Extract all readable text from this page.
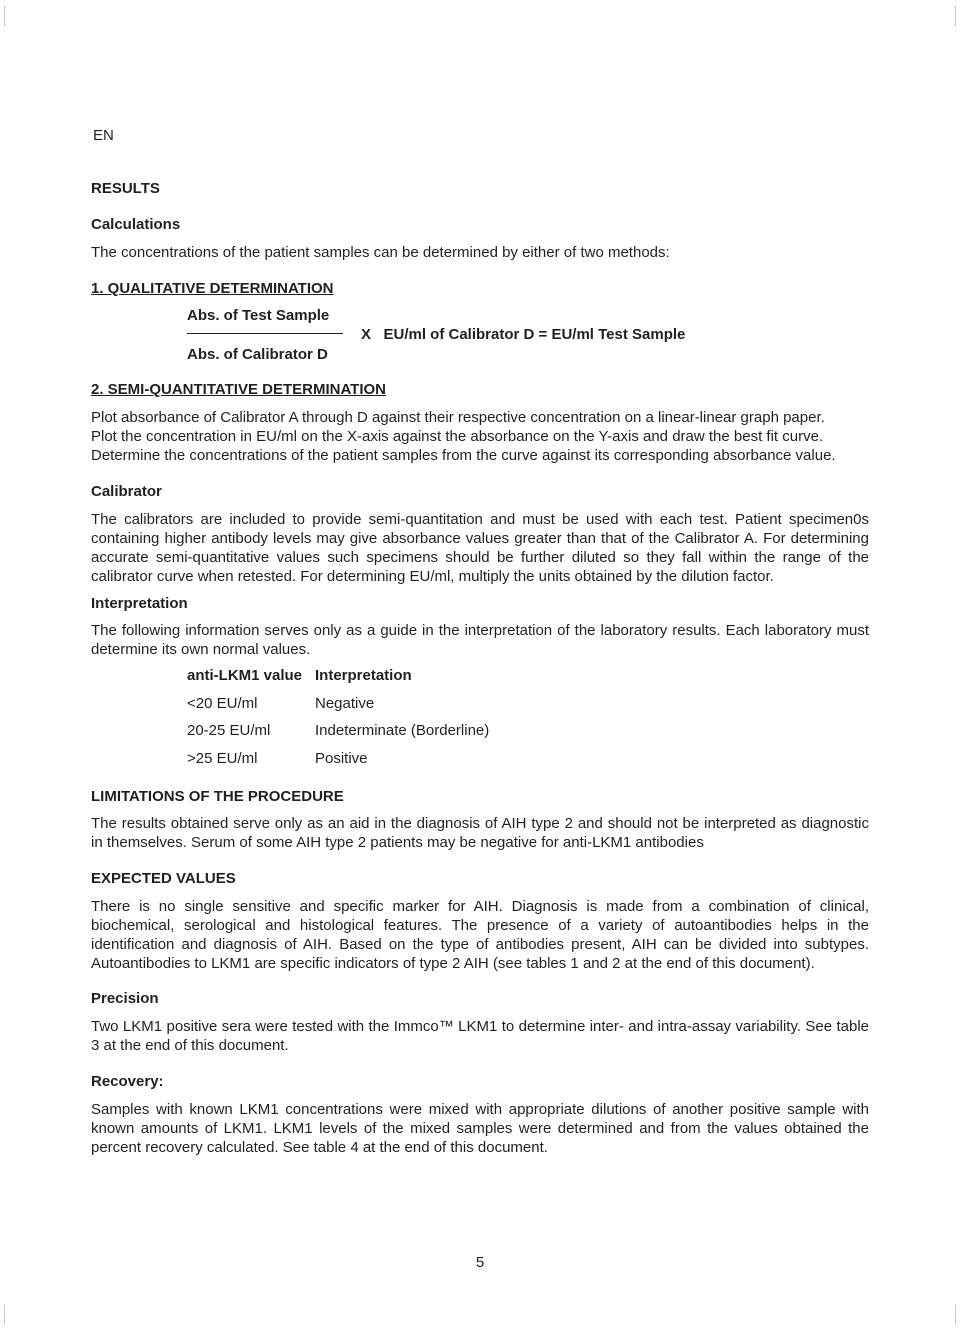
EN
RESULTS
Calculations
The concentrations of the patient samples can be determined by either of two methods:
1. QUALITATIVE DETERMINATION
Abs. of Test Sample
Abs. of Calibrator D
X   EU/ml of Calibrator D = EU/ml Test Sample
2. SEMI-QUANTITATIVE DETERMINATION
Plot absorbance of Calibrator A through D against their respective concentration on a linear-linear graph paper.
Plot the concentration in EU/ml on the X-axis against the absorbance on the Y-axis and draw the best fit curve.
Determine the concentrations of the patient samples from the curve against its corresponding absorbance value.
Calibrator
The calibrators are included to provide semi-quantitation and must be used with each test. Patient specimen0s containing higher antibody levels may give absorbance values greater than that of the Calibrator A. For determining accurate semi-quantitative values such specimens should be further diluted so they fall within the range of the calibrator curve when retested. For determining EU/ml, multiply the units obtained by the dilution factor.
Interpretation
The following information serves only as a guide in the interpretation of the laboratory results. Each laboratory must determine its own normal values.
anti-LKM1 value	Interpretation
<20 EU/ml	Negative
20-25 EU/ml	Indeterminate (Borderline)
>25 EU/ml	Positive
LIMITATIONS OF THE PROCEDURE
The results obtained serve only as an aid in the diagnosis of AIH type 2 and should not be interpreted as diagnostic in themselves. Serum of some AIH type 2 patients may be negative for anti-LKM1 antibodies
EXPECTED VALUES
There is no single sensitive and specific marker for AIH. Diagnosis is made from a combination of clinical, biochemical, serological and histological features. The presence of a variety of autoantibodies helps in the identification and diagnosis of AIH. Based on the type of antibodies present, AIH can be divided into subtypes. Autoantibodies to LKM1 are specific indicators of type 2 AIH (see tables 1 and 2 at the end of this document).
Precision
Two LKM1 positive sera were tested with the Immco™ LKM1 to determine inter- and intra-assay variability. See table 3 at the end of this document.
Recovery:
Samples with known LKM1 concentrations were mixed with appropriate dilutions of another positive sample with known amounts of LKM1. LKM1 levels of the mixed samples were determined and from the values obtained the percent recovery calculated. See table 4 at the end of this document.
5
